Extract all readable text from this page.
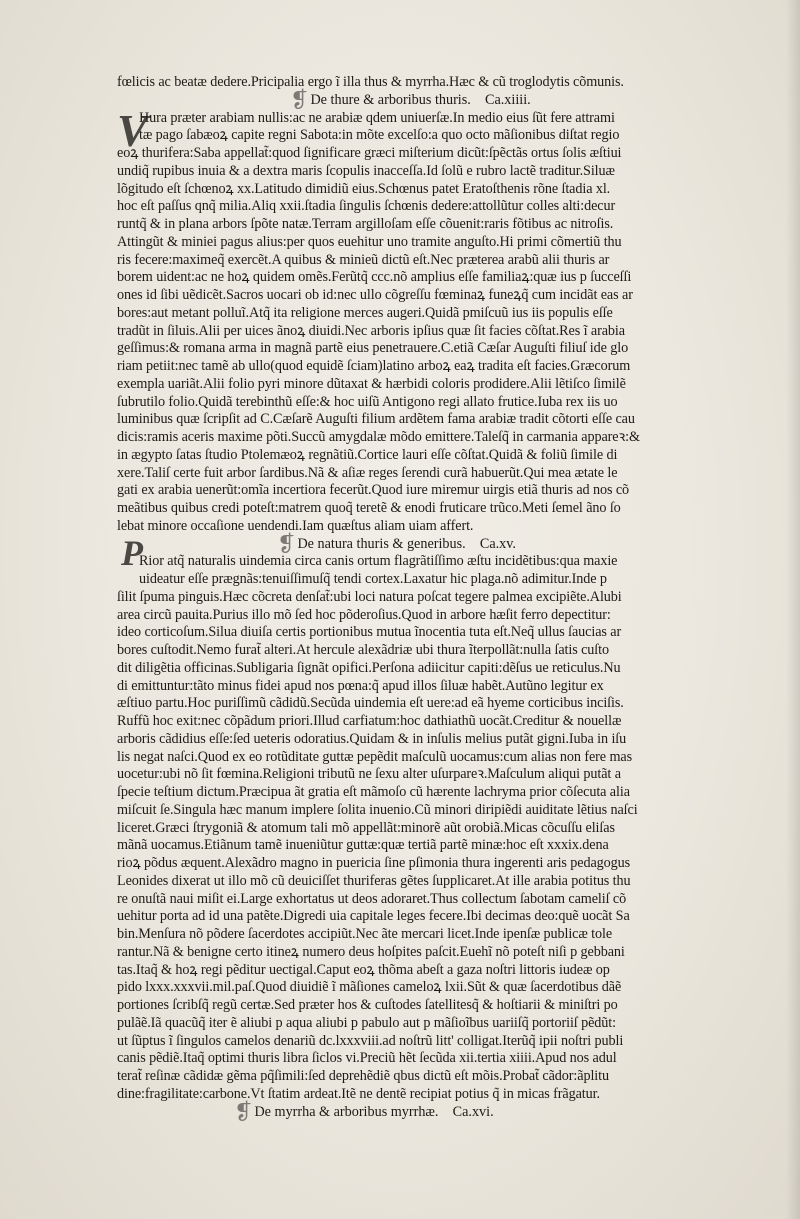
V
P
fœlicis ac beatæ dedere.Pricipalia ergo ĩ illa thus & myrrha.Hæc & cũ troglodytis cõmunis.
❡ De thure & arboribus thuris. Ca.xiiii.
Hura præter arabiam nullis:ac ne arabiæ qdem uniuerſæ.In medio eius ſũt fere attrami
tæ pago ſabæoꝝ capite regni Sabota:in mõte excelſo:a quo octo mãſionibus diſtat regio
eoꝝ thurifera:Saba appellat̃:quod ſignificare græci miſterium dicũt:ſpẽctãs ortus ſolis æſtiui
undiq̃ rupibus inuia & a dextra maris ſcopulis inacceſſa.Id ſolũ e rubro lactẽ traditur.Siluæ
lõgitudo eſt ſchœnoꝝ xx.Latitudo dimidiũ eius.Schœnus patet Eratoſthenis rõne ſtadia xl.
hoc eſt paſſus qnq̃ milia.Aliq xxii.ſtadia ſingulis ſchœnis dedere:attollũtur colles alti:decur
runtq̃ & in plana arbors ſpõte natæ.Terram argilloſam eſſe cõuenit:raris fõtibus ac nitroſis.
Attingũt & miniei pagus alius:per quos euehitur uno tramite anguſto.Hi primi cõmertiũ thu
ris fecere:maximeq̃ exercẽt.A quibus & minieũ dictũ eſt.Nec præterea arabũ alii thuris ar
borem uident:ac ne hoꝝ quidem omẽs.Ferũtq̃ ccc.nõ amplius eſſe familiaꝝ:quæ ius p ſucceſſi
ones id ſibi uẽdicẽt.Sacros uocari ob id:nec ullo cõgreſſu fœminaꝝ funeꝝq̃ cum incidãt eas ar
bores:aut metant polluĩ.Atq̃ ita religione merces augeri.Quidã pmiſcuũ ius iis populis eſſe
tradũt in ſiluis.Alii per uices ãnoꝝ diuidi.Nec arboris ipſius quæ ſit facies cõſtat.Res ĩ arabia
geſſimus:& romana arma in magnã partẽ eius penetrauere.C.etiã Cæſar Auguſti filiuſ ide glo
riam petiit:nec tamẽ ab ullo(quod equidẽ ſciam)latino arboꝝ eaꝝ tradita eſt facies.Græcorum
exempla uariãt.Alii folio pyri minore dũtaxat & hærbidi coloris prodidere.Alii lẽtiſco ſimilẽ
ſubrutilo folio.Quidã terebinthũ eſſe:& hoc uiſũ Antigono regi allato frutice.Iuba rex iis uo
luminibus quæ ſcripſit ad C.Cæſarẽ Auguſti filium ardẽtem fama arabiæ tradit cõtorti eſſe cau
dicis:ramis aceris maxime põti.Succũ amygdalæ mõdo emittere.Taleſq̃ in carmania appareꝛ:&
in ægypto ſatas ſtudio Ptolemæoꝝ regnãtiũ.Cortice lauri eſſe cõſtat.Quidã & foliũ ſimile di
xere.Taliſ certe fuit arbor ſardibus.Nã & aſiæ reges ſerendi curã habuerũt.Qui mea ætate le
gati ex arabia uenerũt:omĩa incertiora fecerũt.Quod iure miremur uirgis etiã thuris ad nos cõ
meãtibus quibus credi poteſt:matrem quoq̃ teretẽ & enodi fruticare trũco.Meti ſemel ãno ſo
lebat minore occaſione uendendi.Iam quæſtus aliam uiam affert.
❡ De natura thuris & generibus. Ca.xv.
Rior atq̃ naturalis uindemia circa canis ortum flagrãtiſſimo æſtu incidẽtibus:qua maxie
uideatur eſſe prægnãs:tenuiſſimuſq̃ tendi cortex.Laxatur hic plaga.nõ adimitur.Inde p
ſilit ſpuma pinguis.Hæc cõcreta denſat̃:ubi loci natura poſcat tegere palmea excipiẽte.Alubi
area circũ pauita.Purius illo mõ ſed hoc põderoſius.Quod in arbore hæſit ferro depectitur:
ideo corticoſum.Silua diuiſa certis portionibus mutua ĩnocentia tuta eſt.Neq̃ ullus ſaucias ar
bores cuſtodit.Nemo furat̃ alteri.At hercule alexãdriæ ubi thura ĩterpollãt:nulla ſatis cuſto
dit diligẽtia officinas.Subligaria ſignãt opifici.Perſona adiicitur capiti:dẽſus ue reticulus.Nu
di emittuntur:tãto minus fidei apud nos pœna:q̃ apud illos ſiluæ habẽt.Autũno legitur ex
æſtiuo partu.Hoc puriſſimũ cãdidũ.Secũda uindemia eſt uere:ad eã hyeme corticibus inciſis.
Ruffũ hoc exit:nec cõpãdum priori.Illud carfiatum:hoc dathiathũ uocãt.Creditur & nouellæ
arboris cãdidius eſſe:ſed ueteris odoratius.Quidam & in inſulis melius putãt gigni.Iuba in iſu
lis negat naſci.Quod ex eo rotũditate guttæ pepẽdit maſculũ uocamus:cum alias non fere mas
uocetur:ubi nõ ſit fœmina.Religioni tributũ ne ſexu alter uſurpareꝛ.Maſculum aliqui putãt a
ſpecie teſtium dictum.Præcipua ãt gratia eſt mãmoſo cũ hærente lachryma prior cõſecuta alia
miſcuit ſe.Singula hæc manum implere ſolita inuenio.Cũ minori diripiẽdi auiditate lẽtius naſci
liceret.Græci ſtrygoniã & atomum tali mõ appellãt:minorẽ aũt orobiã.Micas cõcuſſu eliſas
mãnã uocamus.Etiãnum tamẽ inueniũtur guttæ:quæ tertiã partẽ minæ:hoc eſt xxxix.dena
rioꝝ põdus æquent.Alexãdro magno in puericia ſine pſimonia thura ingerenti aris pedagogus
Leonides dixerat ut illo mõ cũ deuiciſſet thuriferas gẽtes ſupplicaret.At ille arabia potitus thu
re onuſtã naui miſit ei.Large exhortatus ut deos adoraret.Thus collectum ſabotam cameliſ cõ
uehitur porta ad id una patẽte.Digredi uia capitale leges fecere.Ibi decimas deo:quẽ uocãt Sa
bin.Menſura nõ põdere ſacerdotes accipiũt.Nec ãte mercari licet.Inde ipenſæ publicæ tole
rantur.Nã & benigne certo itineꝝ numero deus hoſpites paſcit.Euehĩ nõ poteſt niſi p gebbani
tas.Itaq̃ & hoꝝ regi pẽditur uectigal.Caput eoꝝ thõma abeſt a gaza noſtri littoris iudeæ op
pido lxxx.xxxvii.mil.paſ.Quod diuidiẽ ĩ mãſiones cameloꝝ lxii.Sũt & quæ ſacerdotibus dãẽ
portiones ſcribſq̃ regũ certæ.Sed præter hos & cuſtodes ſatellitesq̃ & hoſtiarii & miniſtri po
pulãẽ.Iã quacũq̃ iter ẽ aliubi p aqua aliubi p pabulo aut p mãſioĩbus uariiſq̃ portoriiſ pẽdũt:
ut ſũptus ĩ ſingulos camelos denariũ dc.lxxxviii.ad noſtrũ litt' colligat.Iterũq̃ ipii noſtri publi
canis pẽdiẽ.Itaq̃ optimi thuris libra ſiclos vi.Preciũ hẽt ſecũda xii.tertia xiiii.Apud nos adul
terat̃ reſinæ cãdidæ gẽma pq̃ſimili:ſed deprehẽdiẽ qbus dictũ eſt mõis.Probat̃ cãdor:ãplitu
dine:fragilitate:carbone.Vt ſtatim ardeat.Itẽ ne dentẽ recipiat potius q̃ in micas frãgatur.
❡ De myrrha & arboribus myrrhæ. Ca.xvi.
